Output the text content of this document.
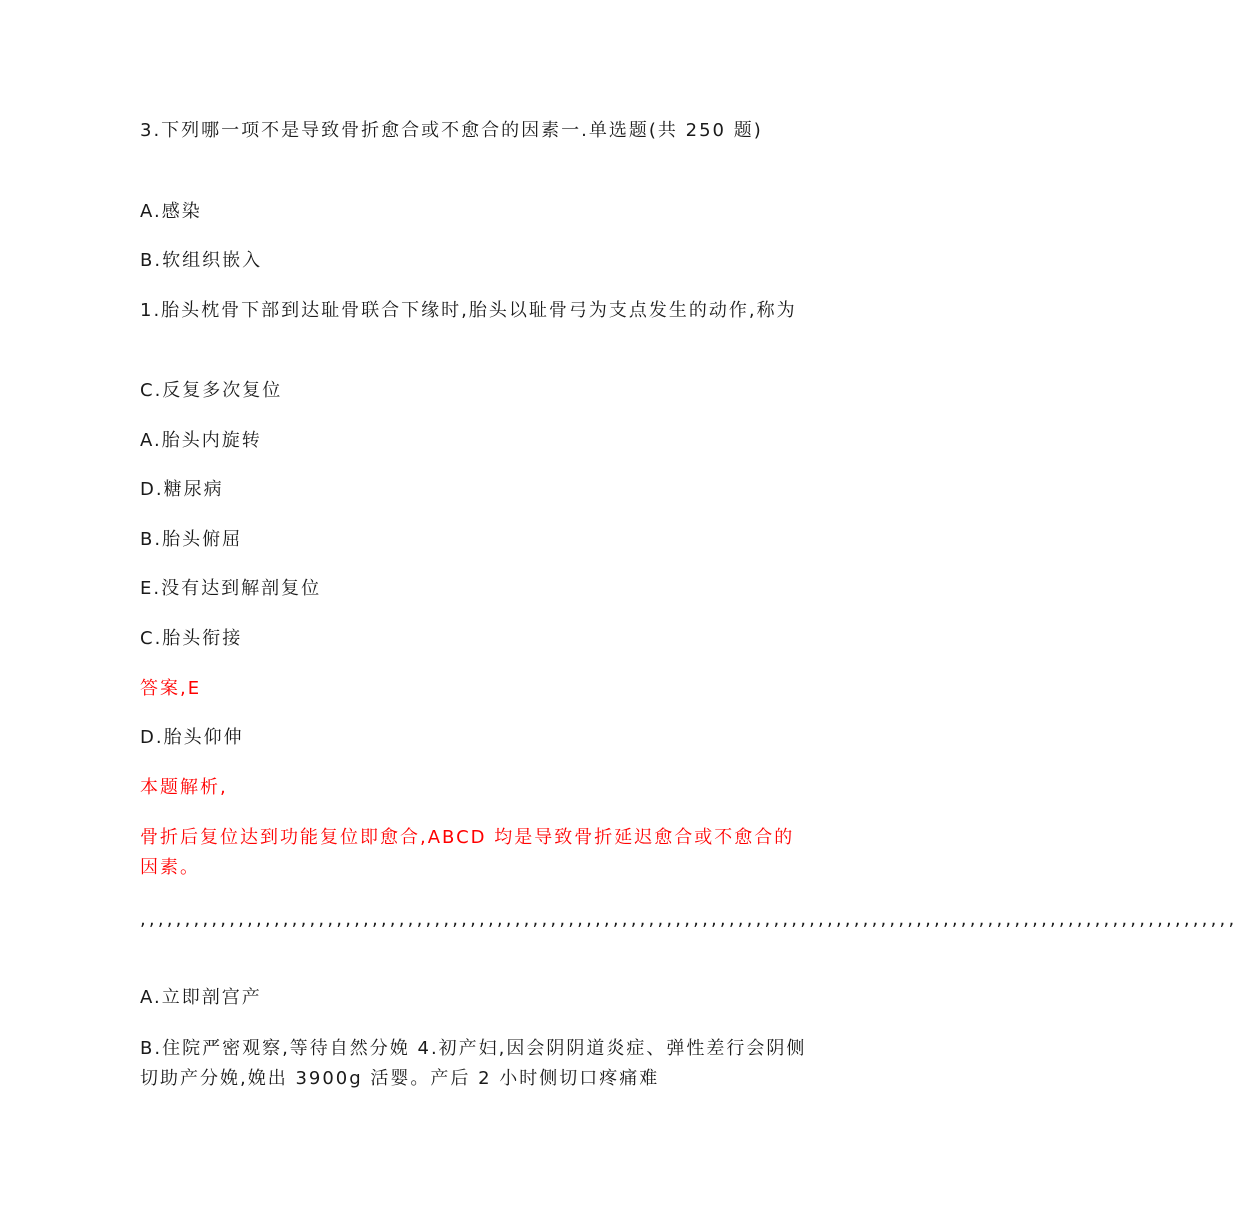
3.下列哪一项不是导致骨折愈合或不愈合的因素一.单选题(共 250 题)
A.感染
B.软组织嵌入
1.胎头枕骨下部到达耻骨联合下缘时,胎头以耻骨弓为支点发生的动作,称为
C.反复多次复位
A.胎头内旋转
D.糖尿病
B.胎头俯屈
E.没有达到解剖复位
C.胎头衔接
答案,E
D.胎头仰伸
本题解析,
骨折后复位达到功能复位即愈合,ABCD 均是导致骨折延迟愈合或不愈合的因素。
,,,,,,,,,,,,,,,,,,,,,,,,,,,,,,,,,,,,,,,,,,,,,,,,,,,,,,,,,,,,,,,,,,,,,,,,,,,,,,,,,,,,,,,,,,,,,,,,,,,,,,,,,,,,,,,,,,,,,,,,,,,
A.立即剖宫产
B.住院严密观察,等待自然分娩 4.初产妇,因会阴阴道炎症、弹性差行会阴侧切助产分娩,娩出 3900g 活婴。产后 2 小时侧切口疼痛难
